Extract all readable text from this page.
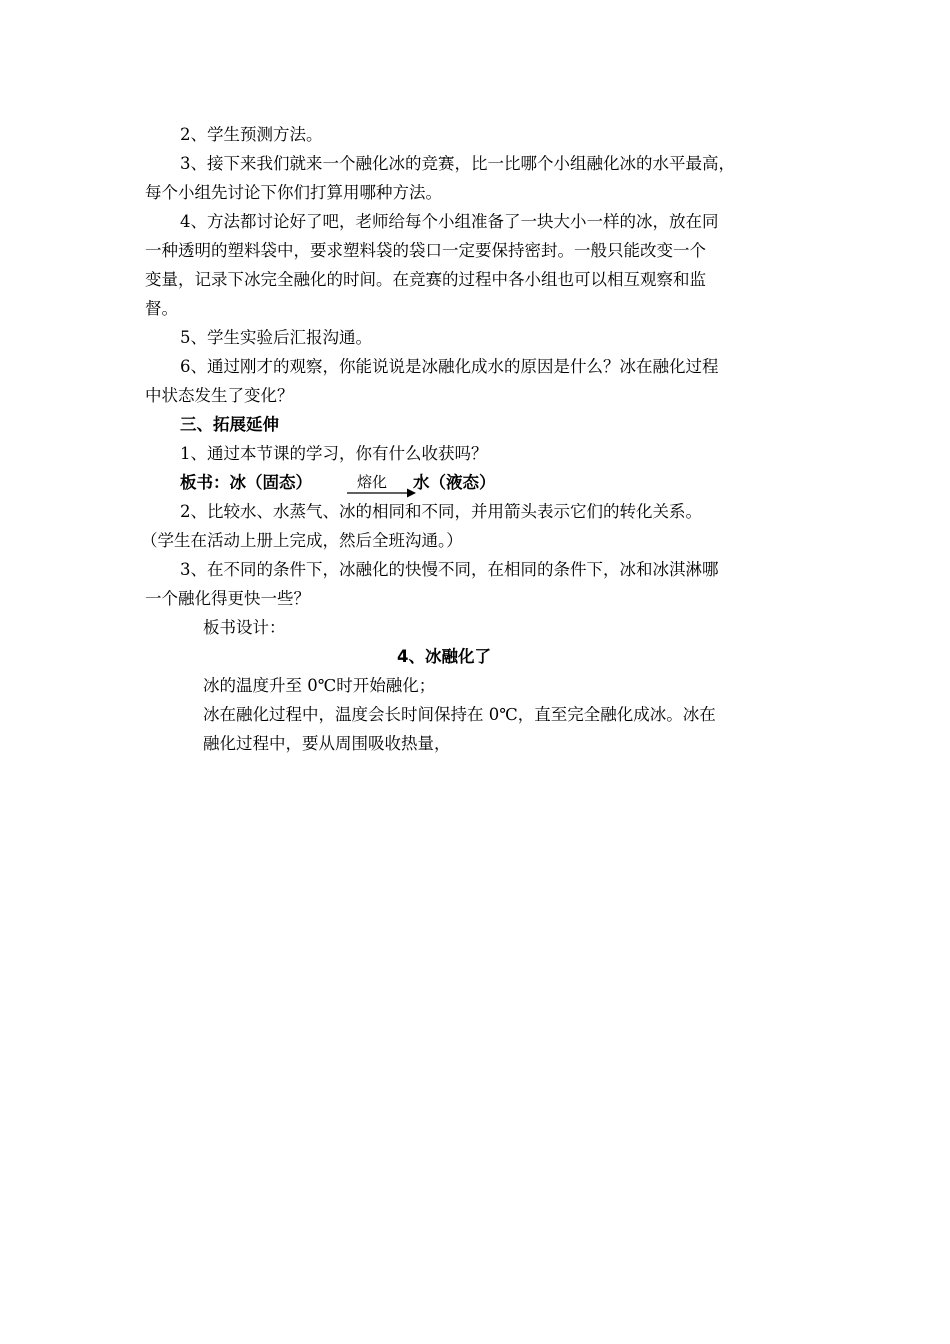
2、学生预测方法。
3、接下来我们就来一个融化冰的竞赛，比一比哪个小组融化冰的水平最高，
每个小组先讨论下你们打算用哪种方法。
4、方法都讨论好了吧，老师给每个小组准备了一块大小一样的冰，放在同
一种透明的塑料袋中，要求塑料袋的袋口一定要保持密封。一般只能改变一个
变量，记录下冰完全融化的时间。在竞赛的过程中各小组也可以相互观察和监
督。
5、学生实验后汇报沟通。
6、通过刚才的观察，你能说说是冰融化成水的原因是什么？冰在融化过程
中状态发生了变化？
三、拓展延伸
1、通过本节课的学习，你有什么收获吗？
板书：冰（固态）	熔化 水（液态）
2、比较水、水蒸气、冰的相同和不同，并用箭头表示它们的转化关系。
（学生在活动上册上完成，然后全班沟通。）
3、在不同的条件下，冰融化的快慢不同，在相同的条件下，冰和冰淇淋哪
一个融化得更快一些？
板书设计：
4、冰融化了
冰的温度升至 0℃时开始融化；
冰在融化过程中，温度会长时间保持在 0℃，直至完全融化成冰。冰在
融化过程中，要从周围吸收热量，
